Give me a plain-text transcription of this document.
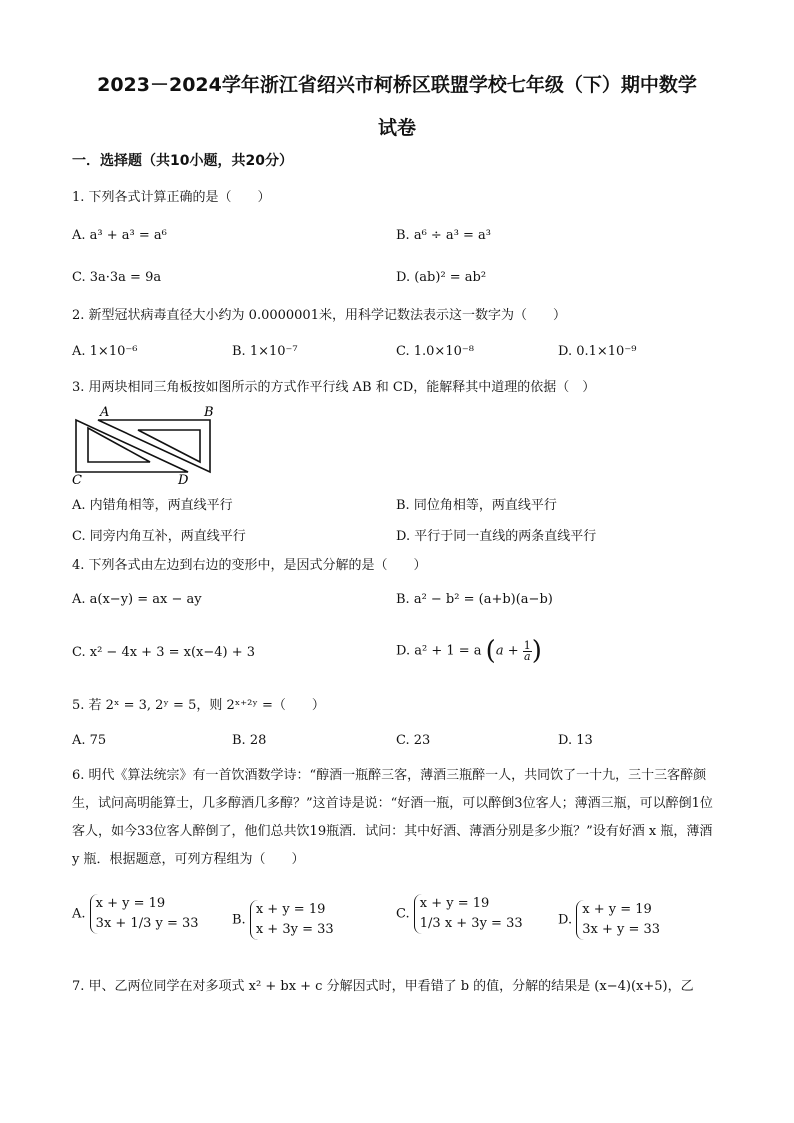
2023－2024学年浙江省绍兴市柯桥区联盟学校七年级（下）期中数学
试卷
一．选择题（共10小题，共20分）
1. 下列各式计算正确的是（　　）
A. a³ + a³ = a⁶	B. a⁶ ÷ a³ = a³
C. 3a·3a = 9a	D. (ab)² = ab²
2. 新型冠状病毒直径大小约为 0.0000001米，用科学记数法表示这一数字为（　　）
A. 1×10⁻⁶	B. 1×10⁻⁷	C. 1.0×10⁻⁸	D. 0.1×10⁻⁹
3. 用两块相同三角板按如图所示的方式作平行线 AB 和 CD，能解释其中道理的依据（　）
A	B
C	D
A. 内错角相等，两直线平行	B. 同位角相等，两直线平行
C. 同旁内角互补，两直线平行	D. 平行于同一直线的两条直线平行
4. 下列各式由左边到右边的变形中，是因式分解的是（　　）
A. a(x−y) = ax − ay	B. a² − b² = (a+b)(a−b)
C. x² − 4x + 3 = x(x−4) + 3	D. a² + 1 = a $(a + \frac{1}{a})$
5. 若 2ˣ = 3, 2ʸ = 5，则 2ˣ⁺²ʸ =（　　）
A. 75	B. 28	C. 23	D. 13
6. 明代《算法统宗》有一首饮酒数学诗：“醇酒一瓶醉三客，薄酒三瓶醉一人，共同饮了一十九，三十三客醉颜生，试问高明能算士，几多醇酒几多醇？”这首诗是说：“好酒一瓶，可以醉倒3位客人；薄酒三瓶，可以醉倒1位客人，如今33位客人醉倒了，他们总共饮19瓶酒．试问：其中好酒、薄酒分别是多少瓶？”设有好酒 x 瓶，薄酒 y 瓶．根据题意，可列方程组为（　　）
A.
x + y = 19
3x + 1/3 y = 33	B.
x + y = 19
x + 3y = 33
C.
x + y = 19
1/3 x + 3y = 33	D.
x + y = 19
3x + y = 33
7. 甲、乙两位同学在对多项式 x² + bx + c 分解因式时，甲看错了 b 的值，分解的结果是 (x−4)(x+5)，乙
